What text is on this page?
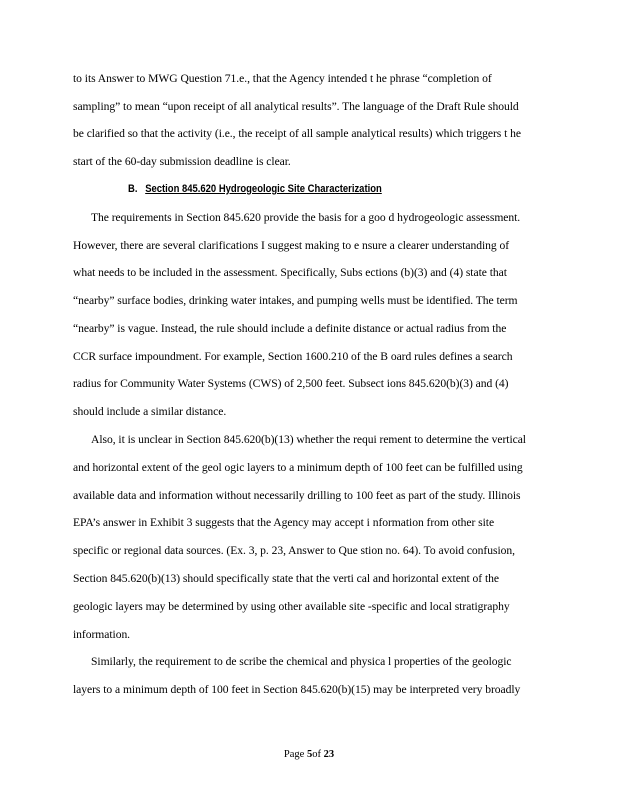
to its Answer to MWG Question 71.e., that the Agency intended t he phrase “completion of
sampling” to mean “upon receipt of all analytical results”. The language of the Draft Rule should
be clarified so that the activity (i.e., the receipt of all sample analytical results) which triggers t he
start of the 60-day submission deadline is clear.
B. Section 845.620 Hydrogeologic Site Characterization
The requirements in Section 845.620 provide the basis for a goo d hydrogeologic assessment.
However, there are several clarifications I suggest making to e nsure a clearer understanding of
what needs to be included in the assessment. Specifically, Subs ections (b)(3) and (4) state that
“nearby” surface bodies, drinking water intakes, and pumping wells must be identified. The term
“nearby” is vague. Instead, the rule should include a definite distance or actual radius from the
CCR surface impoundment. For example, Section 1600.210 of the B oard rules defines a search
radius for Community Water Systems (CWS) of 2,500 feet. Subsect ions 845.620(b)(3) and (4)
should include a similar distance.
Also, it is unclear in Section 845.620(b)(13) whether the requi rement to determine the vertical
and horizontal extent of the geol ogic layers to a minimum depth of 100 feet can be fulfilled using
available data and information without necessarily drilling to 100 feet as part of the study. Illinois
EPA’s answer in Exhibit 3 suggests that the Agency may accept i nformation from other site
specific or regional data sources. (Ex. 3, p. 23, Answer to Que stion no. 64). To avoid confusion,
Section 845.620(b)(13) should specifically state that the verti cal and horizontal extent of the
geologic layers may be determined by using other available site -specific and local stratigraphy
information.
Similarly, the requirement to de scribe the chemical and physica l properties of the geologic
layers to a minimum depth of 100 feet in Section 845.620(b)(15) may be interpreted very broadly
Page 5of 23
